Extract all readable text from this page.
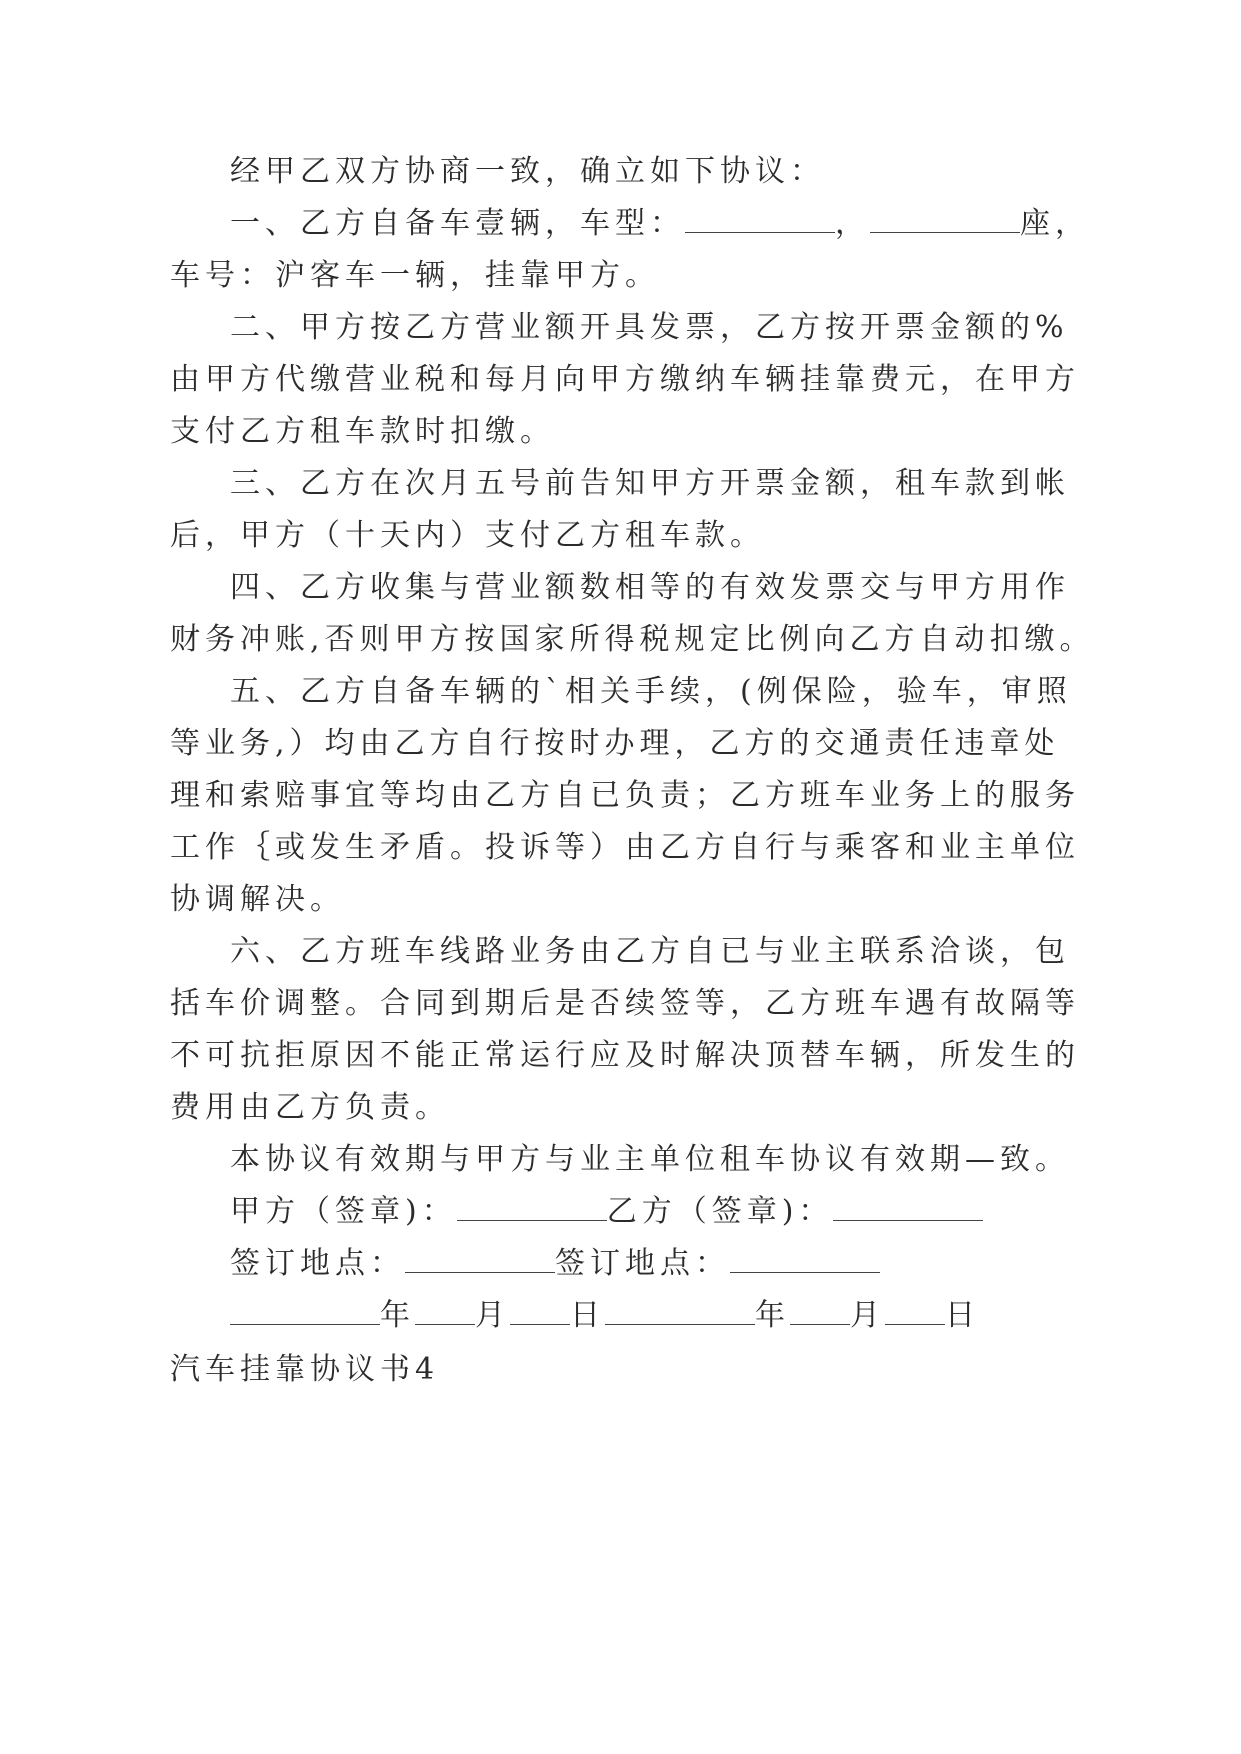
经甲乙双方协商一致，确立如下协议：
一、乙方自备车壹辆，车型：	，	座，
车号：沪客车一辆，挂靠甲方。
二、甲方按乙方营业额开具发票，乙方按开票金额的%
由甲方代缴营业税和每月向甲方缴纳车辆挂靠费元，在甲方
支付乙方租车款时扣缴。
三、乙方在次月五号前告知甲方开票金额，租车款到帐
后，甲方（十天内）支付乙方租车款。
四、乙方收集与营业额数相等的有效发票交与甲方用作
财务冲账,否则甲方按国家所得税规定比例向乙方自动扣缴。
五、乙方自备车辆的`相关手续，(例保险，验车，审照
等业务,）均由乙方自行按时办理，乙方的交通责任违章处
理和索赔事宜等均由乙方自已负责；乙方班车业务上的服务
工作｛或发生矛盾。投诉等）由乙方自行与乘客和业主单位
协调解决。
六、乙方班车线路业务由乙方自已与业主联系洽谈，包
括车价调整。合同到期后是否续签等，乙方班车遇有故隔等
不可抗拒原因不能正常运行应及时解决顶替车辆，所发生的
费用由乙方负责。
本协议有效期与甲方与业主单位租车协议有效期—致。
甲方（签章)：	乙方（签章)：
签订地点：	签订地点：
年 月 日	年 月 日
汽车挂靠协议书4
